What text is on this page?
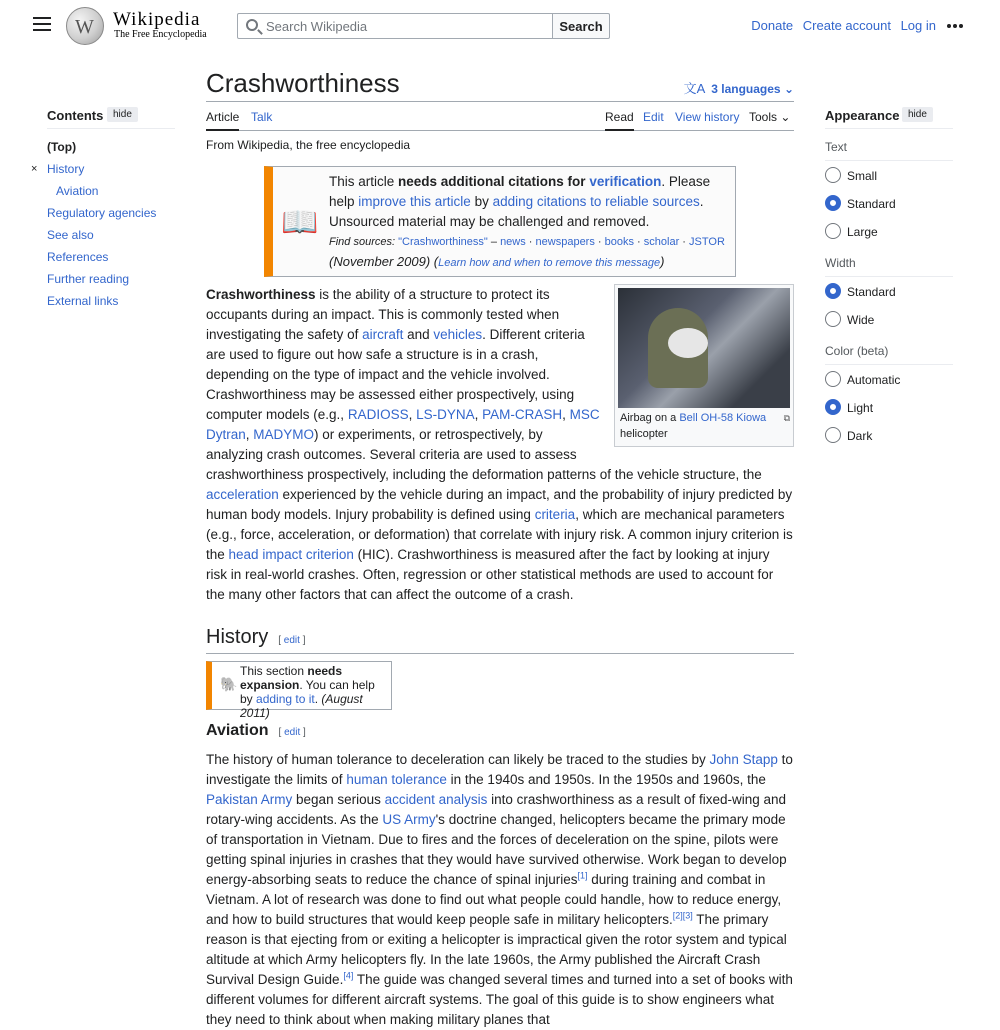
W Wikipedia
The Free Encyclopedia
Search Wikipedia
Search	Donate Create account Log in
Contents hide
(Top)
× History
Aviation
Regulatory agencies
See also
References
Further reading
External links
Crashworthiness	文A 3 languages ⌄
Article Talk	Read Edit View history Tools ⌄
From Wikipedia, the free encyclopedia
📖
This article needs additional citations for verification. Please help improve this article by adding citations to reliable sources. Unsourced material may be challenged and removed.
Find sources: "Crashworthiness" – news · newspapers · books · scholar · JSTOR
(November 2009) (Learn how and when to remove this message)
⧉
Airbag on a Bell OH-58 Kiowa helicopter
Crashworthiness is the ability of a structure to protect its occupants during an impact. This is commonly tested when investigating the safety of aircraft and vehicles. Different criteria are used to figure out how safe a structure is in a crash, depending on the type of impact and the vehicle involved. Crashworthiness may be assessed either prospectively, using computer models (e.g., RADIOSS, LS-DYNA, PAM-CRASH, MSC Dytran, MADYMO) or experiments, or retrospectively, by analyzing crash outcomes. Several criteria are used to assess crashworthiness prospectively, including the deformation patterns of the vehicle structure, the acceleration experienced by the vehicle during an impact, and the probability of injury predicted by human body models. Injury probability is defined using criteria, which are mechanical parameters (e.g., force, acceleration, or deformation) that correlate with injury risk. A common injury criterion is the head impact criterion (HIC). Crashworthiness is measured after the fact by looking at injury risk in real-world crashes. Often, regression or other statistical methods are used to account for the many other factors that can affect the outcome of a crash.
History [ edit ]
🐘
This section needs expansion. You can help by adding to it. (August 2011)
Aviation [ edit ]
The history of human tolerance to deceleration can likely be traced to the studies by John Stapp to investigate the limits of human tolerance in the 1940s and 1950s. In the 1950s and 1960s, the Pakistan Army began serious accident analysis into crashworthiness as a result of fixed-wing and rotary-wing accidents. As the US Army's doctrine changed, helicopters became the primary mode of transportation in Vietnam. Due to fires and the forces of deceleration on the spine, pilots were getting spinal injuries in crashes that they would have survived otherwise. Work began to develop energy-absorbing seats to reduce the chance of spinal injuries[1] during training and combat in Vietnam. A lot of research was done to find out what people could handle, how to reduce energy, and how to build structures that would keep people safe in military helicopters.[2][3] The primary reason is that ejecting from or exiting a helicopter is impractical given the rotor system and typical altitude at which Army helicopters fly. In the late 1960s, the Army published the Aircraft Crash Survival Design Guide.[4] The guide was changed several times and turned into a set of books with different volumes for different aircraft systems. The goal of this guide is to show engineers what they need to think about when making military planes that
Appearance hide
Text
Small
Standard
Large
Width
Standard
Wide
Color (beta)
Automatic
Light
Dark
